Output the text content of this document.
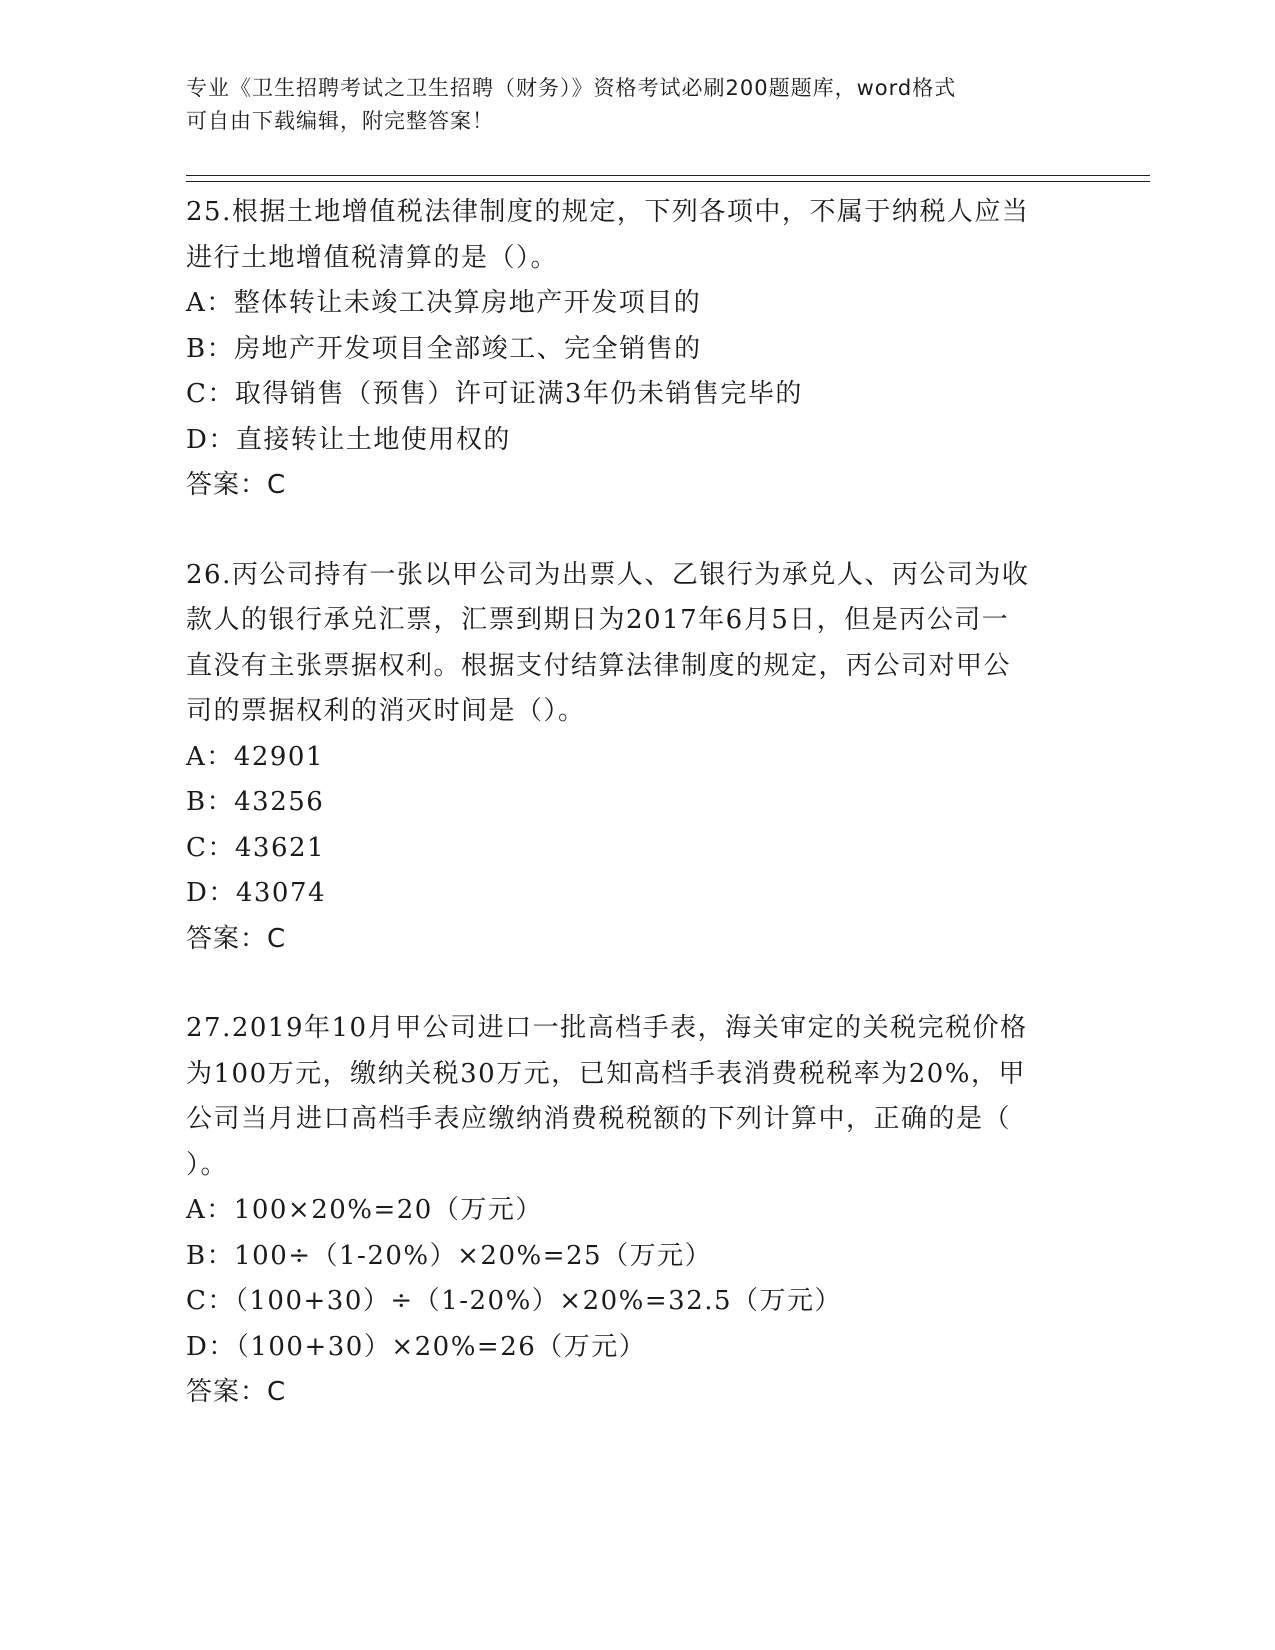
专业《卫生招聘考试之卫生招聘（财务）》资格考试必刷200题题库，word格式
可自由下载编辑，附完整答案！
25.根据土地增值税法律制度的规定，下列各项中，不属于纳税人应当
进行土地增值税清算的是（）。
A：整体转让未竣工决算房地产开发项目的
B：房地产开发项目全部竣工、完全销售的
C：取得销售（预售）许可证满3年仍未销售完毕的
D：直接转让土地使用权的
答案：C
26.丙公司持有一张以甲公司为出票人、乙银行为承兑人、丙公司为收
款人的银行承兑汇票，汇票到期日为2017年6月5日，但是丙公司一
直没有主张票据权利。根据支付结算法律制度的规定，丙公司对甲公
司的票据权利的消灭时间是（）。
A：42901
B：43256
C：43621
D：43074
答案：C
27.2019年10月甲公司进口一批高档手表，海关审定的关税完税价格
为100万元，缴纳关税30万元，已知高档手表消费税税率为20%，甲
公司当月进口高档手表应缴纳消费税税额的下列计算中，正确的是（
）。
A：100×20%=20（万元）
B：100÷（1-20%）×20%=25（万元）
C：（100+30）÷（1-20%）×20%=32.5（万元）
D：（100+30）×20%=26（万元）
答案：C
